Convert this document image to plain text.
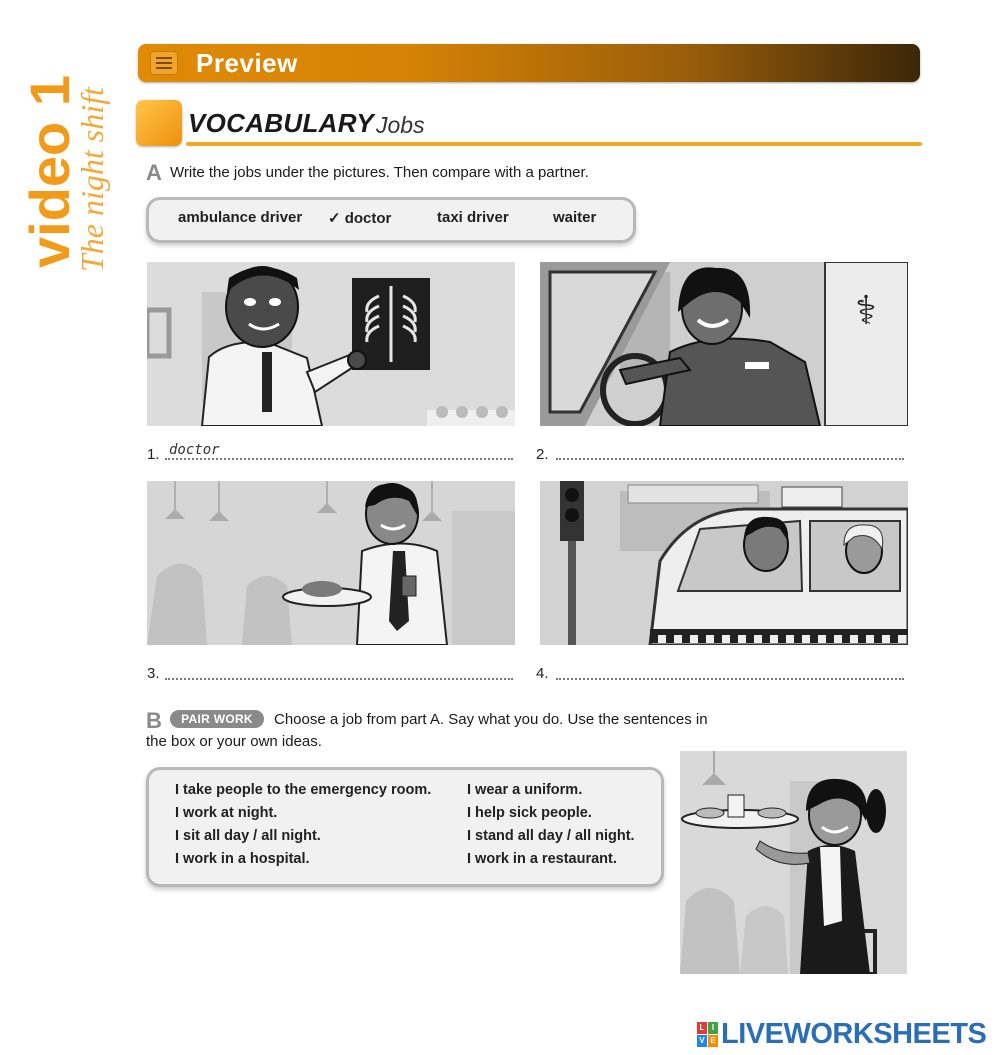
video 1
The night shift
Preview
VOCABULARY Jobs
A Write the jobs under the pictures. Then compare with a partner.
ambulance driver ✓ doctor	taxi driver	waiter
1. doctor
⚕
2.
3.	4.
B	PAIR WORK	Choose a job from part A. Say what you do. Use the sentences in
the box or your own ideas.
I take people to the emergency room.
I work at night.
I sit all day / all night.
I work in a hospital.
I wear a uniform.
I help sick people.
I stand all day / all night.
I work in a restaurant.
L I
V E LIVEWORKSHEETS
